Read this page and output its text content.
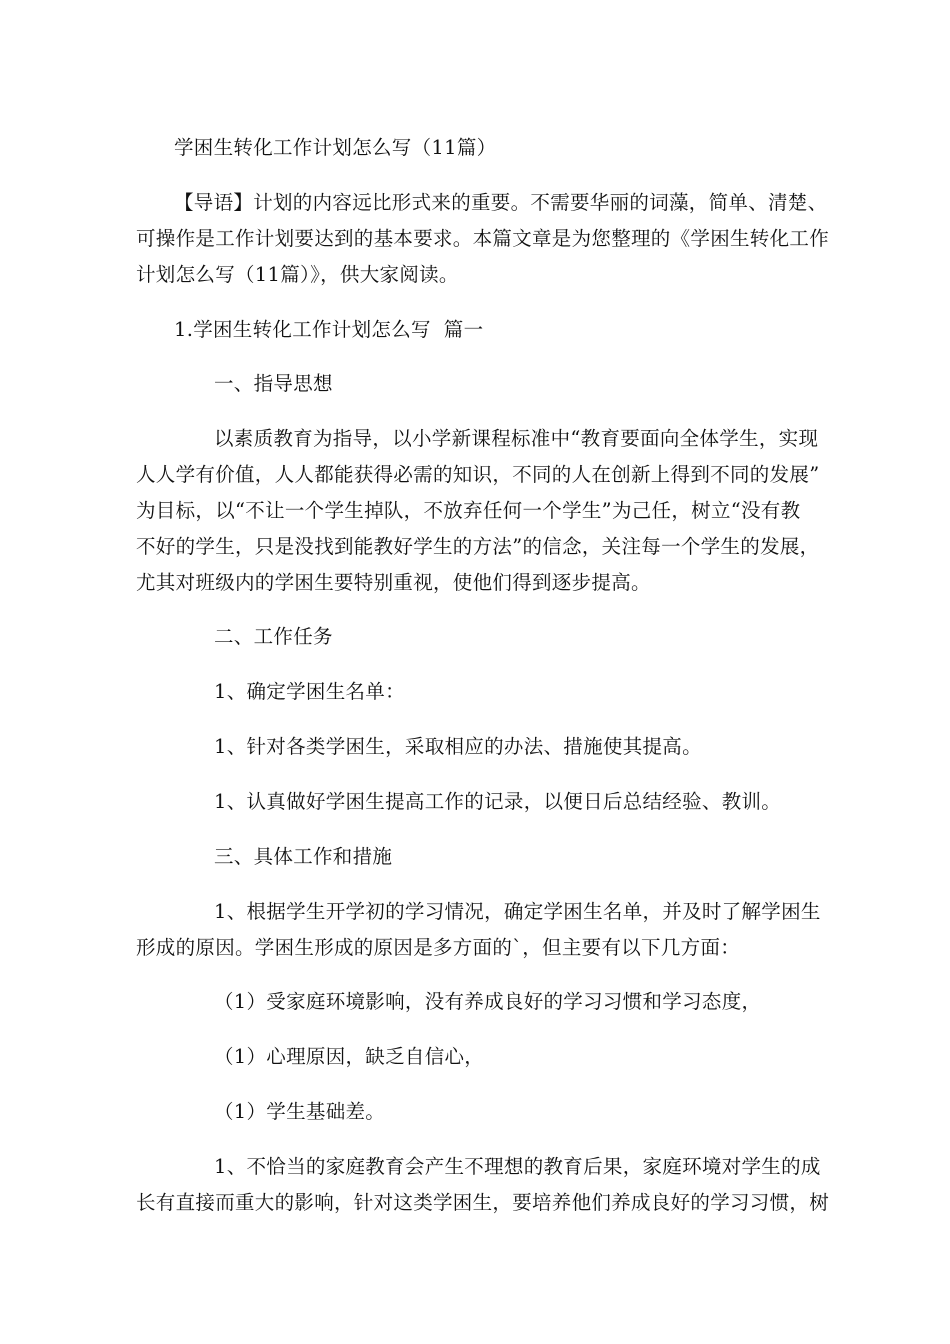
学困生转化工作计划怎么写（11篇）
【导语】计划的内容远比形式来的重要。不需要华丽的词藻，简单、清楚、
可操作是工作计划要达到的基本要求。本篇文章是为您整理的《学困生转化工作
计划怎么写（11篇）》，供大家阅读。
1.学困生转化工作计划怎么写  篇一
一、指导思想
以素质教育为指导，以小学新课程标准中“教育要面向全体学生，实现
人人学有价值，人人都能获得必需的知识，不同的人在创新上得到不同的发展”
为目标，以“不让一个学生掉队，不放弃任何一个学生”为己任，树立“没有教
不好的学生，只是没找到能教好学生的方法”的信念，关注每一个学生的发展，
尤其对班级内的学困生要特别重视，使他们得到逐步提高。
二、工作任务
1、确定学困生名单：
1、针对各类学困生，采取相应的办法、措施使其提高。
1、认真做好学困生提高工作的记录，以便日后总结经验、教训。
三、具体工作和措施
1、根据学生开学初的学习情况，确定学困生名单，并及时了解学困生
形成的原因。学困生形成的原因是多方面的`，但主要有以下几方面：
（1）受家庭环境影响，没有养成良好的学习习惯和学习态度，
（1）心理原因，缺乏自信心，
（1）学生基础差。
1、不恰当的家庭教育会产生不理想的教育后果，家庭环境对学生的成
长有直接而重大的影响，针对这类学困生，要培养他们养成良好的学习习惯，树
